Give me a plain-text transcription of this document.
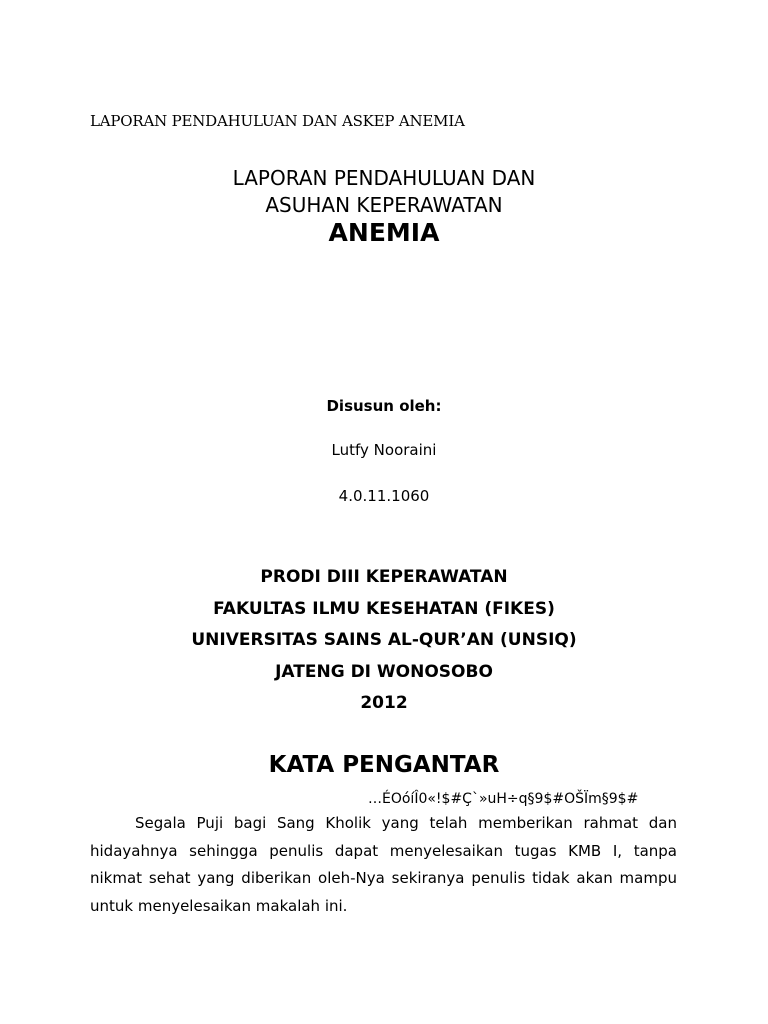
LAPORAN PENDAHULUAN DAN ASKEP ANEMIA
LAPORAN PENDAHULUAN DAN
ASUHAN KEPERAWATAN
ANEMIA
Disusun oleh:
Lutfy Nooraini
4.0.11.1060
PRODI DIII KEPERAWATAN
FAKULTAS ILMU KESEHATAN (FIKES)
UNIVERSITAS SAINS AL-QUR’AN (UNSIQ)
JATENG DI WONOSOBO
2012
KATA PENGANTAR
…ÉOóíÎ0«!$#Ç`»uH÷q§9$#OŠÏm§9$#
Segala Puji bagi Sang Kholik yang telah memberikan rahmat dan hidayahnya sehingga penulis dapat menyelesaikan tugas KMB I, tanpa nikmat sehat yang diberikan oleh-Nya sekiranya penulis tidak akan mampu untuk menyelesaikan makalah ini.
